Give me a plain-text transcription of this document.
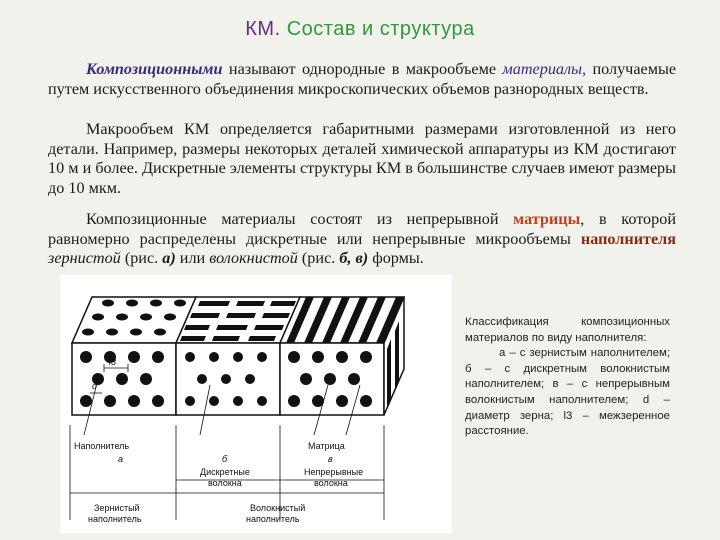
КМ. Состав и структура

Композиционными называют однородные в макрообъеме материалы, получаемые путем искусственного объединения микроскопических объемов разнородных веществ.

Макрообъем КМ определяется габаритными размерами изготовленной из него детали. Например, размеры некоторых деталей химической аппаратуры из КМ достигают 10 м и более. Дискретные элементы структуры КМ в большинстве случаев имеют размеры до 10 мкм.

Композиционные материалы состоят из непрерывной матрицы, в которой равномерно распределены дискретные или непрерывные микрообъемы наполнителя зернистой (рис. а) или волокнистой (рис. б, в) формы.

l3
d
Наполнитель
а	б
Матрица
в
Дискретные
волокна
Непрерывные
волокна
Зернистый
наполнитель
Волокнистый
наполнитель
Классификация композиционных материалов по виду наполнителя:
а – с зернистым наполнителем; б – с дискретным волокнистым наполнителем; в – с непрерывным волокнистым наполнителем; d – диаметр зерна; l3 – межзеренное расстояние.
